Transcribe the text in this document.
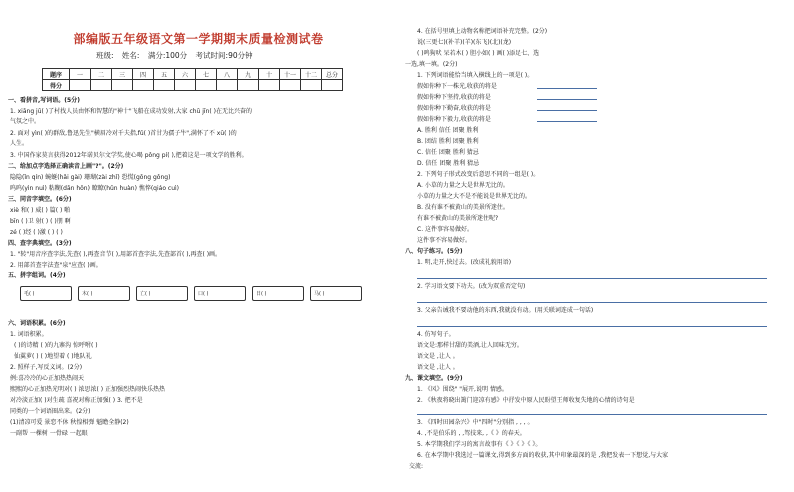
部编版五年级语文第一学期期末质量检测试卷
班级: 姓名: 满分:100分 考试时间:90分钟
题序	一	二	三	四	五	六	七	八	九	十	十一	十二	总分
得分													
一、看拼音,写词语。(5分)
1. xiāng jū( )了村找人员由怀和智慧的"神十"飞船在成功发射,大家 chū jīn( )在无比兴奋的
气氛之中。
2. 面对 yìn( )的群敌,鲁迅先生"横眉冷对千夫指,fǔ( )首甘为孺子牛",满怀了不 xū( )的
人生。
3. 中国作家莫言获得2012年诺贝尔文学奖,使心喝 pǒng pí( ),把着这是一项文学的胜利。
二、给加点字选择正确读音上画"?"。(2分)
隐隐(ǐn qín) 蜿蜒(hǎi gài) 珊瑚(zài zhǐ) 恐慌(gōng gǒng)
呜呜(yìn nuì) 粘糊(dān hǒn) 瞭瞭(hǔn huàn) 憔悴(qiáo cuì)
三、同音字填空。(6分)
xiè 和( ) 威( ) 篇( ) 啪
bīn ( )卫 射( ) ( )朋 啊
zé ( )经 ( )激 ( ) ( )
四、查字典填空。(3分)
1. "转"用音序查字法,先查( ),再查音节( ),用部首查字法,先查部首( ),再查( )画。
2. 用部首查字法查"泉"应查( )画。
五、拼字组词。(4分)
毛( )	木( )	亡( )	口( )	日( )	马( )
六、词语积累。(6分)
1. 词语积累。
( )的诗精 ( )的九寨沟 惊呼咐( )
仙翼萝( ) ( )地望着 ( )地队礼
2. 照样子,写反义词。(2分)
例:喜冷冷的心正加热热闹天
熙熙的心正加热光明对( ) 浓思浓( ) 正加强烈热闹快乐热热
对冷淡正加( )对生疏 喜祝对称正加强( ) 3. 把不是
同类的一个词语圈出来。(2分)
(1)清凉可爱 景恋不休 秋惶相弹 魁瞻全静(2)
一副帮 一棵树 一骨碌 一起眼
4. 在括号里填上动物名称把词语补充完整。(2分)
说(三更七)(补羊)(羊)(东飞)(北)(龙)
( )鸣狗吠 呆若木( ) 胆小如( ) 画( )添足七、选
一选,填一填。(2分)
1. 下列词语能恰当填入横线上的一项是( )。
假如你种下一株光,收获的将是
假如你种下坚持,收获的将是
假如你种下勤奋,收获的将是
假如你种下毅力,收获的将是
A. 胜利 信任 团聚 胜利
B. 团结 胜利 团聚 胜利
C. 信任 团聚 胜利 猜忌
D. 信任 团聚 胜利 猜忌
2. 下列句子形式改变后意思不同的一组是( )。
A. 小草的力量之大是世界无比的。
小草的力量之大不是不能说是世界无比的。
B. 没有谁不被黄山的美景所迷住。
有谁不被黄山的美景所迷住呢?
C. 这件事容易做好。
这件事不容易做好。
八、句子练习。(5分)
1. 明,走开,快过去。(改成礼貌用语)
2. 学习语文要下功夫。(改为双重否定句)
3. 父亲告诫我不要动他的东西,我就没有动。(用关联词连成一句话)
4. 仿写句子。
语文是:那样甘甜的美酒,让人回味无穷。
语文是 ,让人 。
语文是 ,让人 。
九、课文填空。(9分)
1. 《风》围绕" "展开,说明 情感。
2. 《秋夜将晓出篱门迎凉有感》中抒发中原人民盼望王师收复失地的心情的诗句是
3. 《四时田园杂兴》中"四时"分别指 , , , 。
4. ,不是伯乐的 , ,驾技来, ,《 》的春天。
5. 本学期我们学习的寓言故事有《 》《 》《 》。
6. 在本学期中我选过一篇课文,得到多方面的收获,其中印象最深的是 ,我把发表一下想觉,与大家
交流:
